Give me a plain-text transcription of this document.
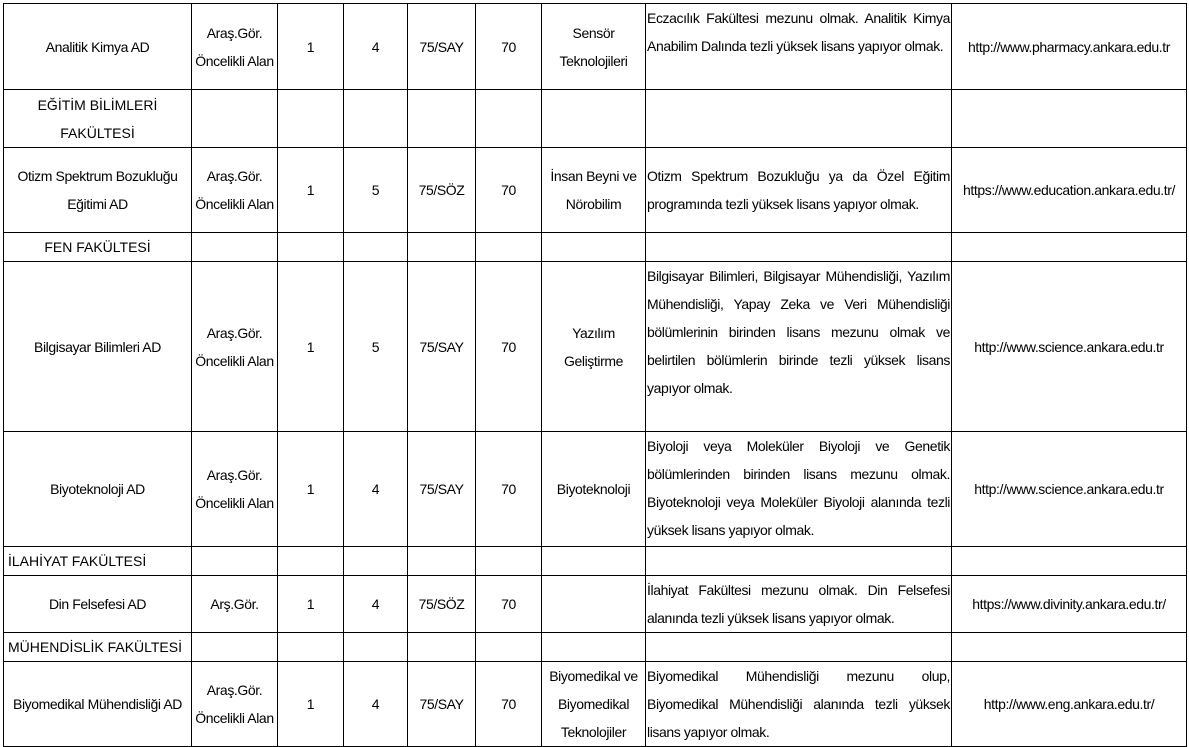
Analitik Kimya AD	Araş.Gör. Öncelikli Alan	1	4	75/SAY	70	Sensör Teknolojileri	Eczacılık Fakültesi mezunu olmak. Analitik Kimya Anabilim Dalında tezli yüksek lisans yapıyor olmak.	http://www.pharmacy.ankara.edu.tr
EĞİTİM BİLİMLERİ FAKÜLTESİ								
Otizm Spektrum Bozukluğu Eğitimi AD	Araş.Gör. Öncelikli Alan	1	5	75/SÖZ	70	İnsan Beyni ve Nörobilim	Otizm Spektrum Bozukluğu ya da Özel Eğitim programında tezli yüksek lisans yapıyor olmak.	https://www.education.ankara.edu.tr/
FEN FAKÜLTESİ								
Bilgisayar Bilimleri AD	Araş.Gör. Öncelikli Alan	1	5	75/SAY	70	Yazılım Geliştirme	Bilgisayar Bilimleri, Bilgisayar Mühendisliği, Yazılım Mühendisliği, Yapay Zeka ve Veri Mühendisliği bölümlerinin birinden lisans mezunu olmak ve belirtilen bölümlerin birinde tezli yüksek lisans yapıyor olmak.	http://www.science.ankara.edu.tr
Biyoteknoloji AD	Araş.Gör. Öncelikli Alan	1	4	75/SAY	70	Biyoteknoloji	Biyoloji veya Moleküler Biyoloji ve Genetik bölümlerinden birinden lisans mezunu olmak. Biyoteknoloji veya Moleküler Biyoloji alanında tezli yüksek lisans yapıyor olmak.	http://www.science.ankara.edu.tr
İLAHİYAT FAKÜLTESİ								
Din Felsefesi AD	Arş.Gör.	1	4	75/SÖZ	70		İlahiyat Fakültesi mezunu olmak. Din Felsefesi alanında tezli yüksek lisans yapıyor olmak.	https://www.divinity.ankara.edu.tr/
MÜHENDİSLİK FAKÜLTESİ								
Biyomedikal Mühendisliği AD	Araş.Gör. Öncelikli Alan	1	4	75/SAY	70	Biyomedikal ve Biyomedikal Teknolojiler	Biyomedikal Mühendisliği mezunu olup, Biyomedikal Mühendisliği alanında tezli yüksek lisans yapıyor olmak.	http://www.eng.ankara.edu.tr/
